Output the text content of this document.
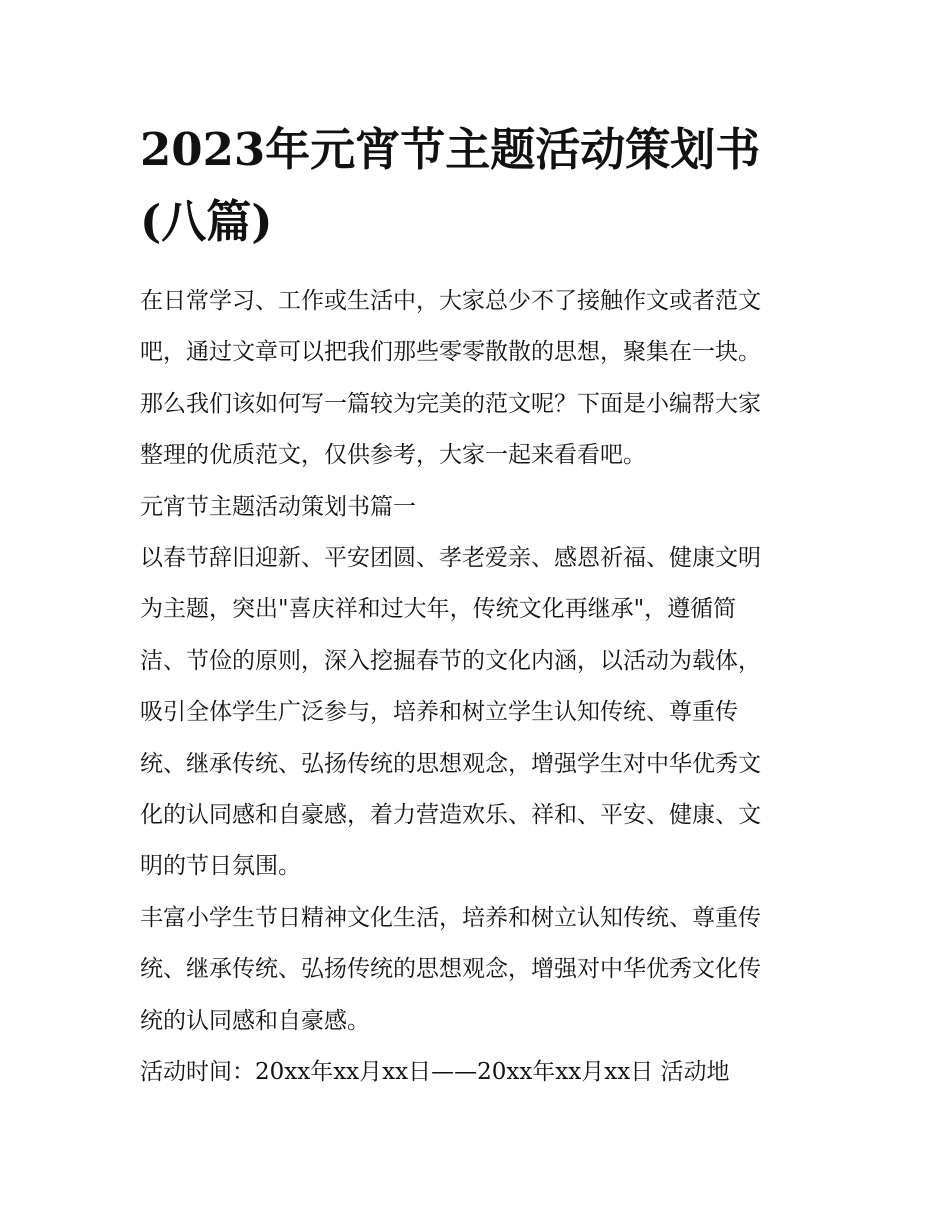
2023年元宵节主题活动策划书
(八篇)

在日常学习、工作或生活中，大家总少不了接触作文或者范文
吧，通过文章可以把我们那些零零散散的思想，聚集在一块。
那么我们该如何写一篇较为完美的范文呢？下面是小编帮大家
整理的优质范文，仅供参考，大家一起来看看吧。

元宵节主题活动策划书篇一

以春节辞旧迎新、平安团圆、孝老爱亲、感恩祈福、健康文明
为主题，突出"喜庆祥和过大年，传统文化再继承"，遵循简
洁、节俭的原则，深入挖掘春节的文化内涵，以活动为载体，
吸引全体学生广泛参与，培养和树立学生认知传统、尊重传
统、继承传统、弘扬传统的思想观念，增强学生对中华优秀文
化的认同感和自豪感，着力营造欢乐、祥和、平安、健康、文
明的节日氛围。

丰富小学生节日精神文化生活，培养和树立认知传统、尊重传
统、继承传统、弘扬传统的思想观念，增强对中华优秀文化传
统的认同感和自豪感。

活动时间：20xx年xx月xx日——20xx年xx月xx日 活动地
